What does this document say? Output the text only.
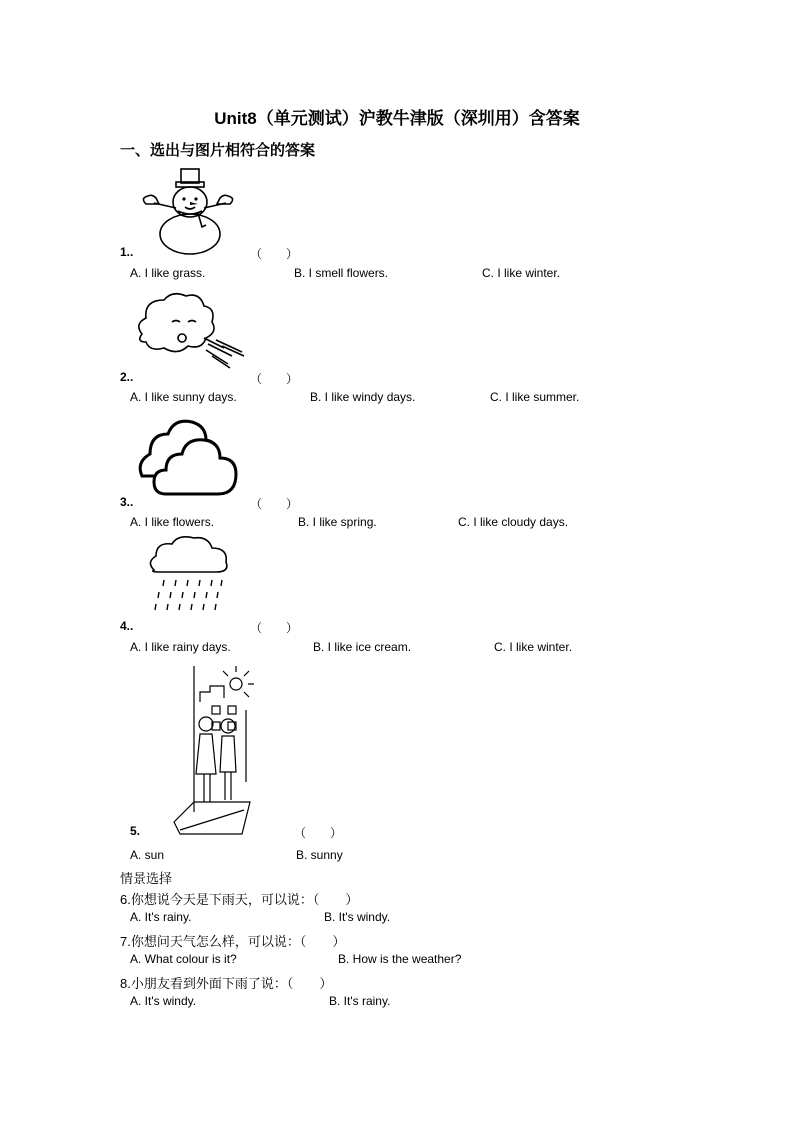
Unit8（单元测试）沪教牛津版（深圳用）含答案
一、选出与图片相符合的答案
1..	（　　）
A. I like grass.	B. I smell flowers.	C. I like winter.
2..	（　　）
A. I like sunny days.	B. I like windy days.	C. I like summer.
3..	（　　）
A. I like flowers.	B. I like spring.	C. I like cloudy days.
4..	（　　）
A. I like rainy days.	B. I like ice cream.	C. I like winter.
5.	（　　）
A. sun	B. sunny
情景选择
6.你想说今天是下雨天，可以说：（　　）
A. It's rainy.	B. It's windy.
7.你想问天气怎么样，可以说：（　　）
A. What colour is it?	B. How is the weather?
8.小朋友看到外面下雨了说：（　　）
A. It's windy.	B. It's rainy.
